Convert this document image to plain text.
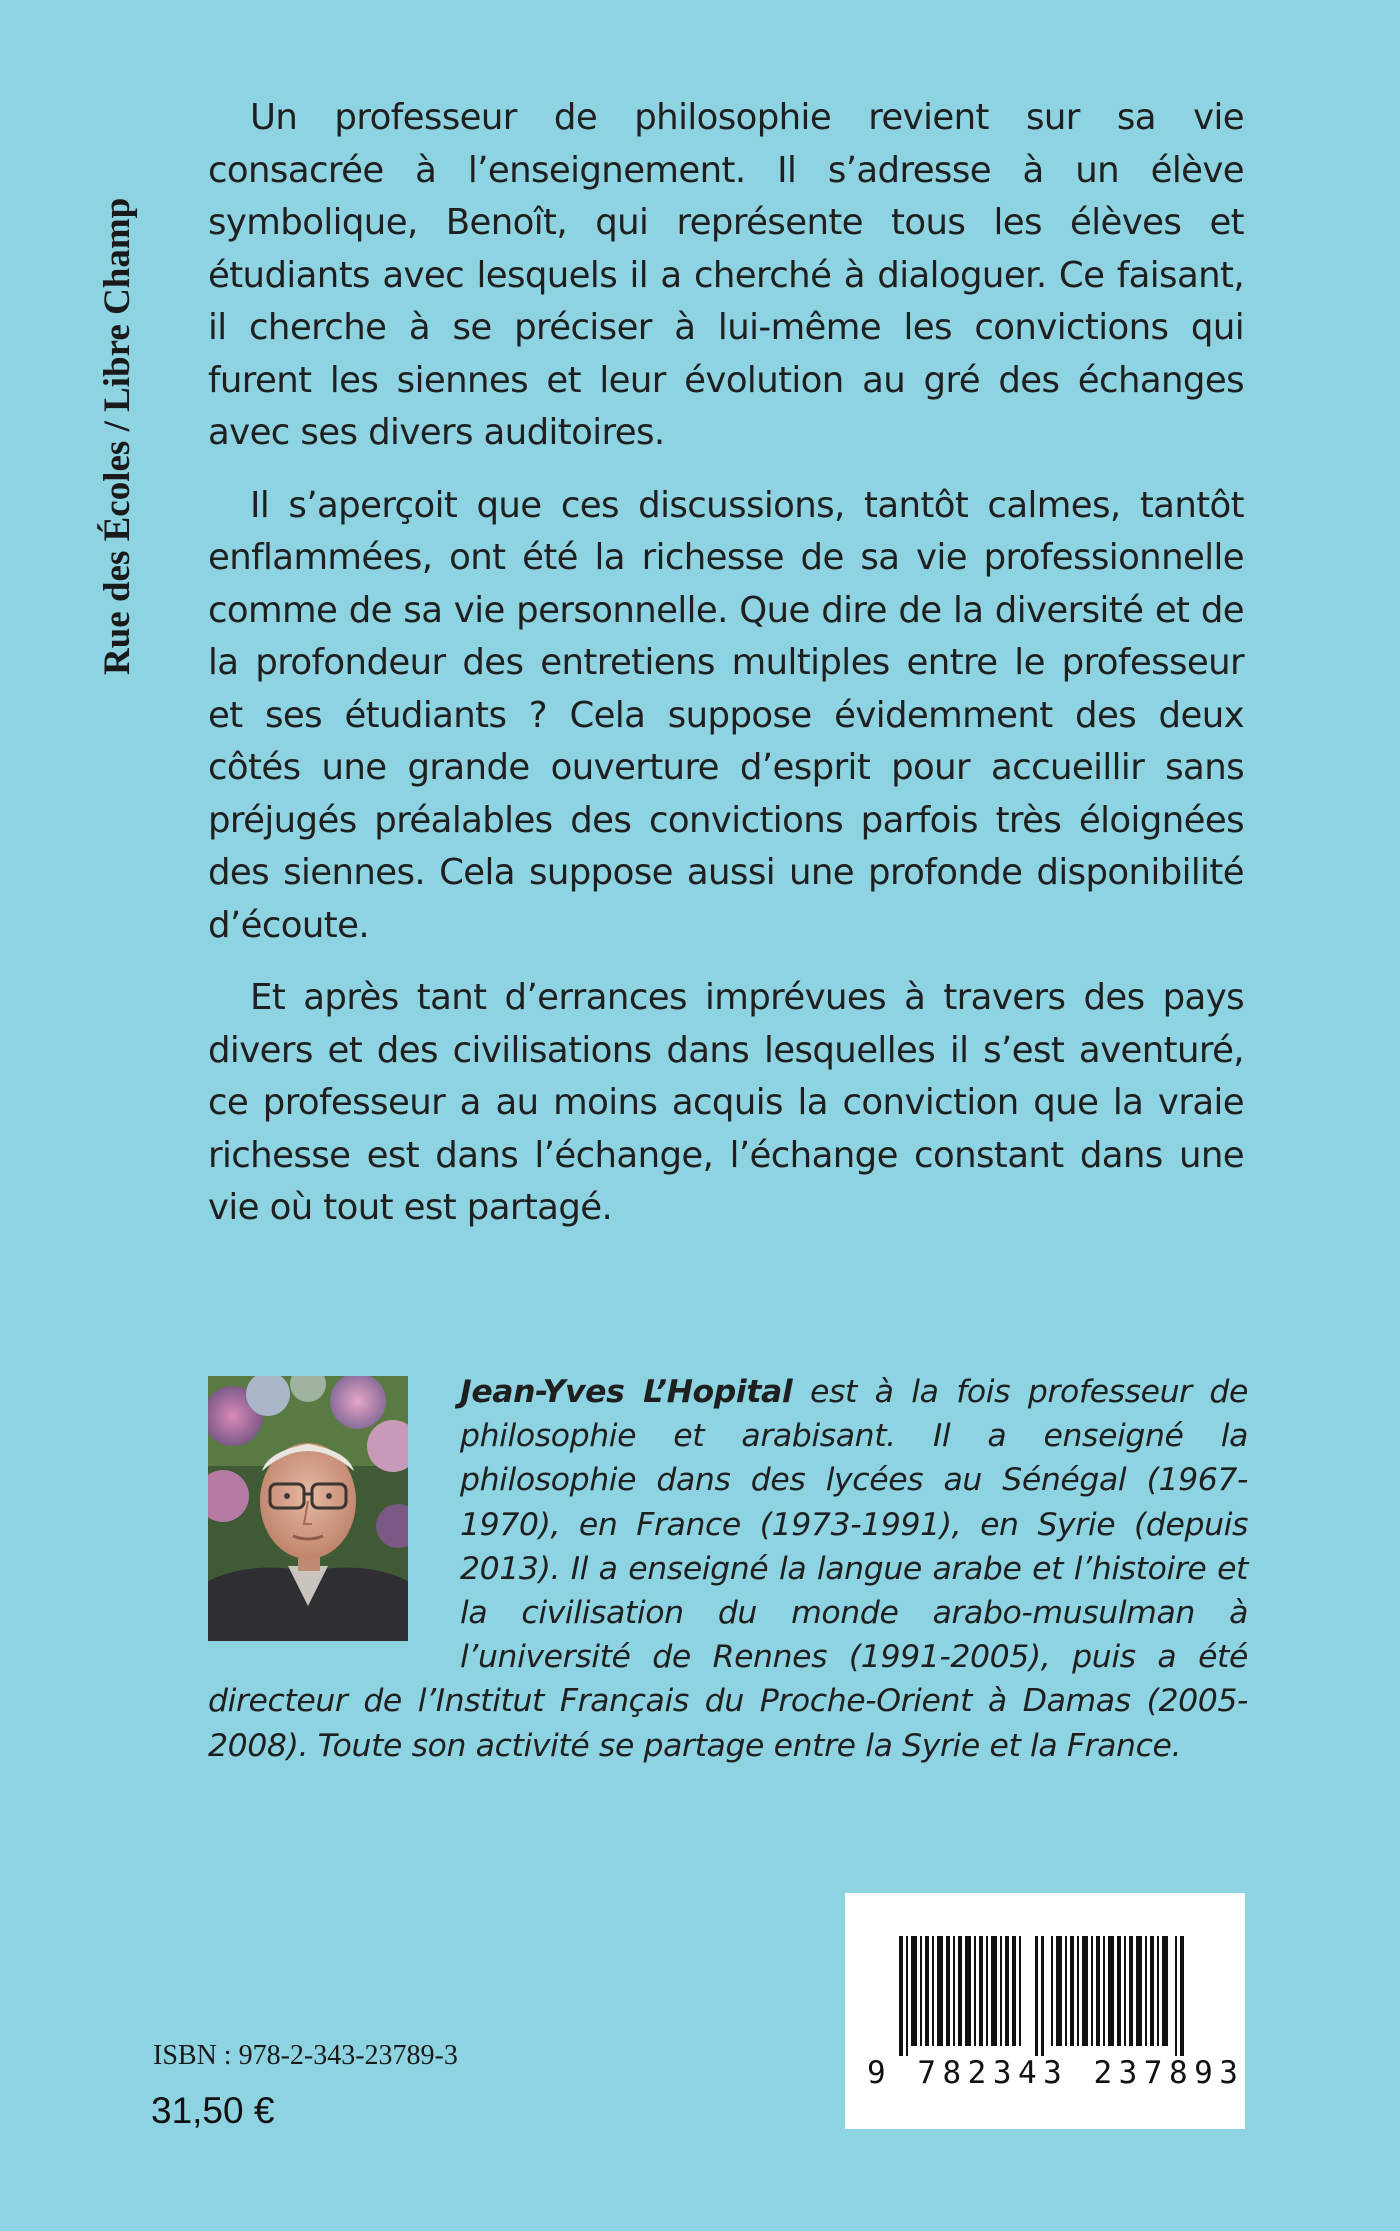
Rue des Écoles / Libre Champ

Un professeur de philosophie revient sur sa vie consacrée à l’enseignement. Il s’adresse à un élève symbolique, Benoît, qui représente tous les élèves et étudiants avec lesquels il a cherché à dialoguer. Ce faisant, il cherche à se préciser à lui-même les convictions qui furent les siennes et leur évolution au gré des échanges avec ses divers auditoires.

Il s’aperçoit que ces discussions, tantôt calmes, tantôt enflammées, ont été la richesse de sa vie professionnelle comme de sa vie personnelle. Que dire de la diversité et de la profondeur des entretiens multiples entre le professeur et ses étudiants ? Cela suppose évidemment des deux côtés une grande ouverture d’esprit pour accueillir sans préjugés préalables des convictions parfois très éloignées des siennes. Cela suppose aussi une profonde disponibilité d’écoute.

Et après tant d’errances imprévues à travers des pays divers et des civilisations dans lesquelles il s’est aventuré, ce professeur a au moins acquis la conviction que la vraie richesse est dans l’échange, l’échange constant dans une vie où tout est partagé.

Jean-Yves L’Hopital est à la fois professeur de philosophie et arabisant. Il a enseigné la philosophie dans des lycées au Sénégal (1967-1970), en France (1973-1991), en Syrie (depuis 2013). Il a enseigné la langue arabe et l’histoire et la civilisation du monde arabo-musulman à l’université de Rennes (1991-2005), puis a été directeur de l’Institut Français du Proche-Orient à Damas (2005-2008). Toute son activité se partage entre la Syrie et la France.
9 782343 237893
ISBN : 978-2-343-23789-3
31,50 €
